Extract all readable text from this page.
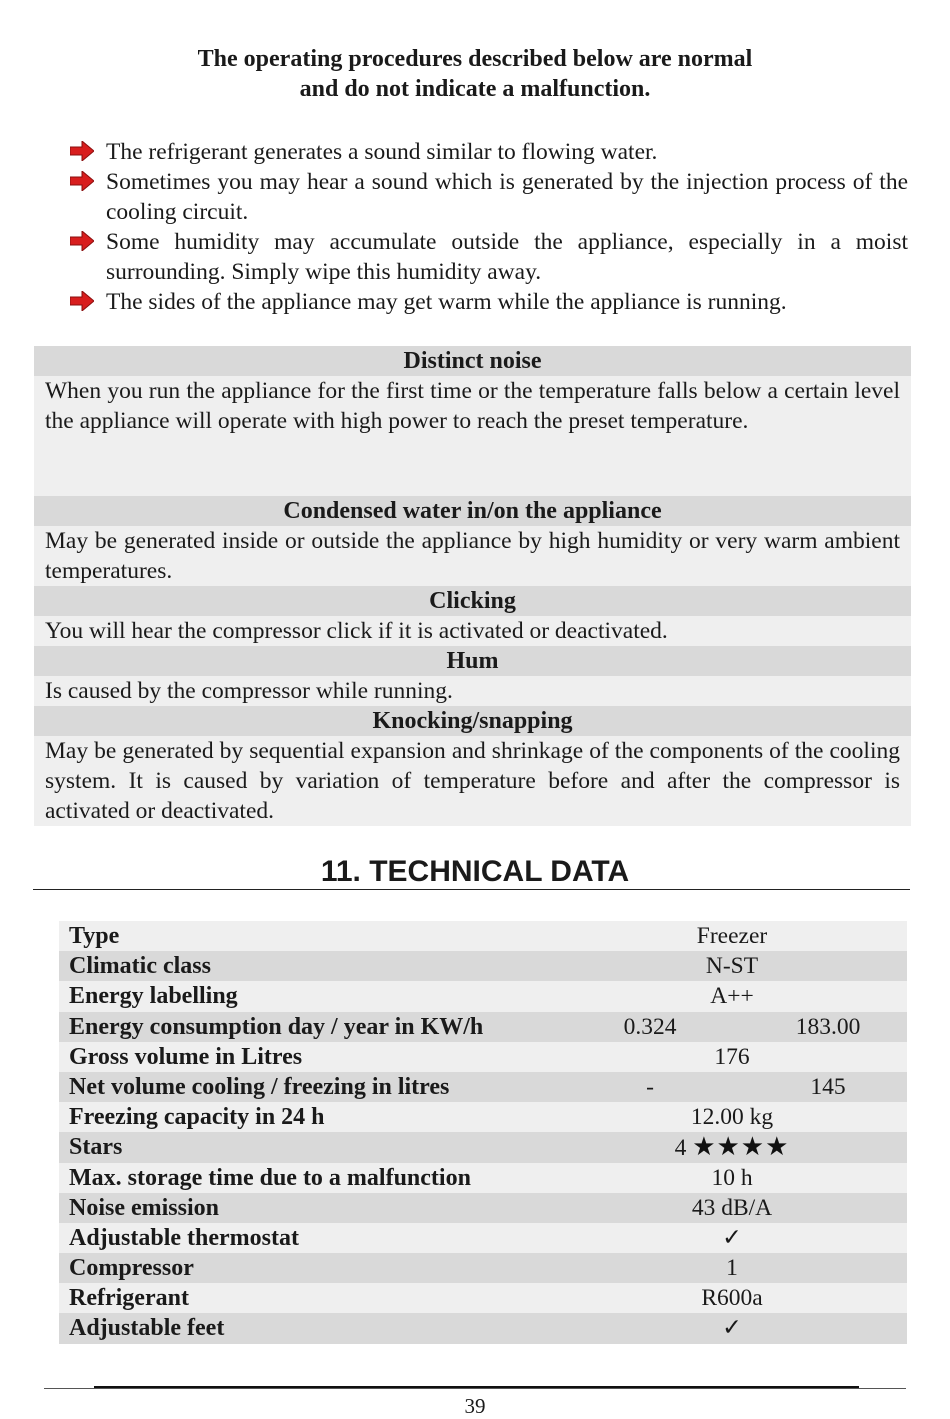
The operating procedures described below are normal
and do not indicate a malfunction.
The refrigerant generates a sound similar to flowing water.
Sometimes you may hear a sound which is generated by the injection process of the cooling circuit.
Some humidity may accumulate outside the appliance, especially in a moist surrounding. Simply wipe this humidity away.
The sides of the appliance may get warm while the appliance is running.
Distinct noise
When you run the appliance for the first time or the temperature falls below a certain level the appliance will operate with high power to reach the preset temperature.
Condensed water in/on the appliance
May be generated inside or outside the appliance by high humidity or very warm ambient temperatures.
Clicking
You will hear the compressor click if it is activated or deactivated.
Hum
Is caused by the compressor while running.
Knocking/snapping
May be generated by sequential expansion and shrinkage of the components of the cooling system. It is caused by variation of temperature before and after the compressor is activated or deactivated.
11. TECHNICAL DATA
Type	Freezer
Climatic class	N-ST
Energy labelling	A++
Energy consumption day / year in KW/h	0.324	183.00
Gross volume in Litres	176
Net volume cooling / freezing in litres	-	145
Freezing capacity in 24 h	12.00 kg
Stars	4 ★★★★
Max. storage time due to a malfunction	10 h
Noise emission	43 dB/A
Adjustable thermostat	✓
Compressor	1
Refrigerant	R600a
Adjustable feet	✓
39
